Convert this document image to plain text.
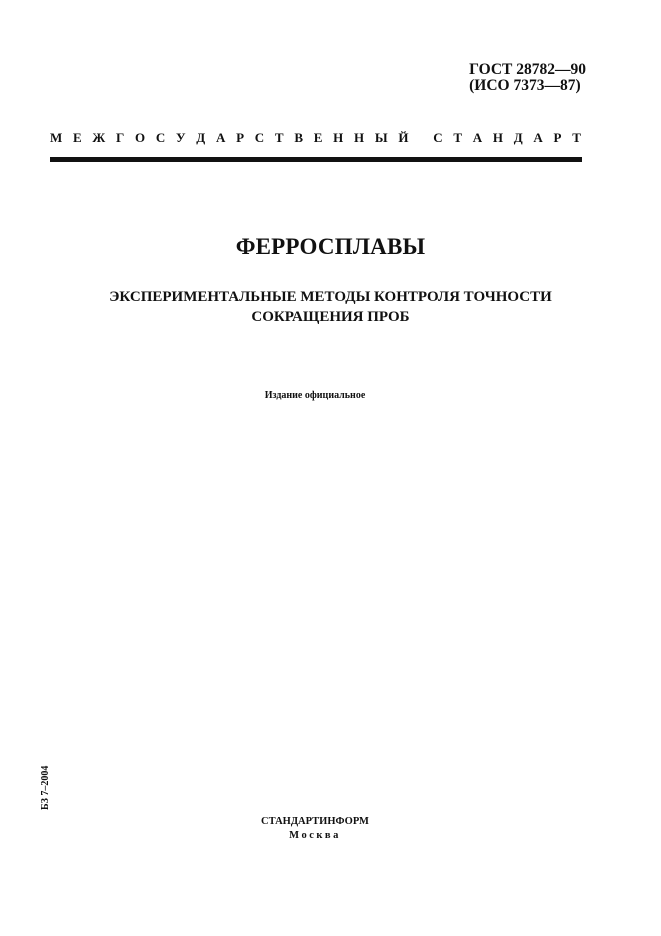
ГОСТ 28782—90
(ИСО 7373—87)
М Е Ж Г О С У Д А Р С Т В Е Н Н Ы Й
С Т А Н Д А Р Т
ФЕРРОСПЛАВЫ
ЭКСПЕРИМЕНТАЛЬНЫЕ МЕТОДЫ КОНТРОЛЯ ТОЧНОСТИ
СОКРАЩЕНИЯ ПРОБ
Издание официальное
БЗ 7–2004
СТАНДАРТИНФОРМ
Москва
